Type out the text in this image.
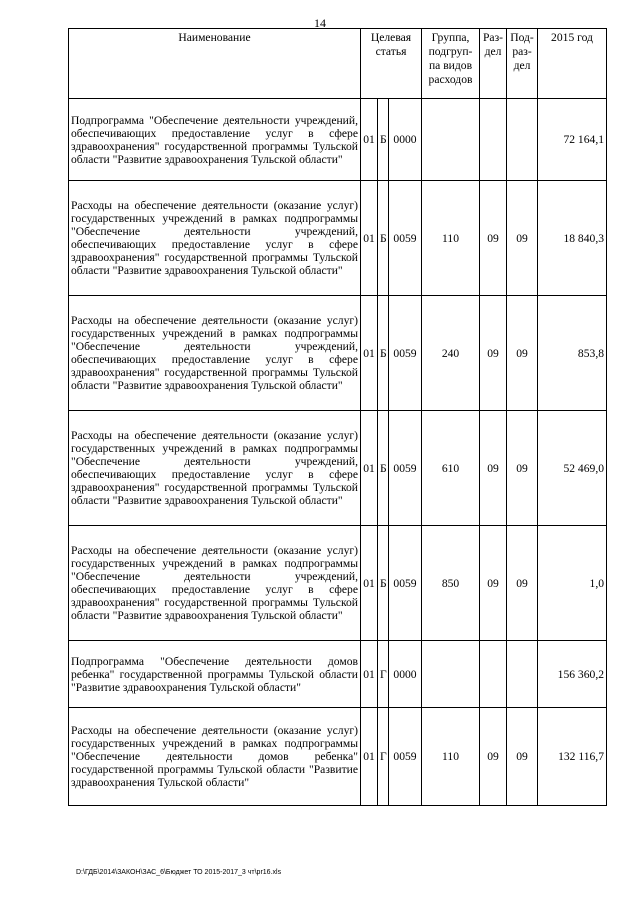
14
Наименование	Целевая статья			Группа, подгруп-па видов расходов	Раз-дел	Под-раз-дел	2015 год
Подпрограмма "Обеспечение деятельности учреждений, обеспечивающих предоставление услуг в сфере здравоохранения" государственной программы Тульской области "Развитие здравоохранения Тульской области"	01	Б	0000				72 164,1
Расходы на обеспечение деятельности (оказание услуг) государственных учреждений в рамках подпрограммы "Обеспечение деятельности учреждений, обеспечивающих предоставление услуг в сфере здравоохранения" государственной программы Тульской области "Развитие здравоохранения Тульской области"	01	Б	0059	110	09	09	18 840,3
Расходы на обеспечение деятельности (оказание услуг) государственных учреждений в рамках подпрограммы "Обеспечение деятельности учреждений, обеспечивающих предоставление услуг в сфере здравоохранения" государственной программы Тульской области "Развитие здравоохранения Тульской области"	01	Б	0059	240	09	09	853,8
Расходы на обеспечение деятельности (оказание услуг) государственных учреждений в рамках подпрограммы "Обеспечение деятельности учреждений, обеспечивающих предоставление услуг в сфере здравоохранения" государственной программы Тульской области "Развитие здравоохранения Тульской области"	01	Б	0059	610	09	09	52 469,0
Расходы на обеспечение деятельности (оказание услуг) государственных учреждений в рамках подпрограммы "Обеспечение деятельности учреждений, обеспечивающих предоставление услуг в сфере здравоохранения" государственной программы Тульской области "Развитие здравоохранения Тульской области"	01	Б	0059	850	09	09	1,0
Подпрограмма "Обеспечение деятельности домов ребенка" государственной программы Тульской области "Развитие здравоохранения Тульской области"	01	Г	0000				156 360,2
Расходы на обеспечение деятельности (оказание услуг) государственных учреждений в рамках подпрограммы "Обеспечение деятельности домов ребенка" государственной программы Тульской области "Развитие здравоохранения Тульской области"	01	Г	0059	110	09	09	132 116,7
D:\ГДБ\2014\ЗАКОН\ЗАС_6\Бюджет ТО 2015-2017_3 чт\pr16.xls
